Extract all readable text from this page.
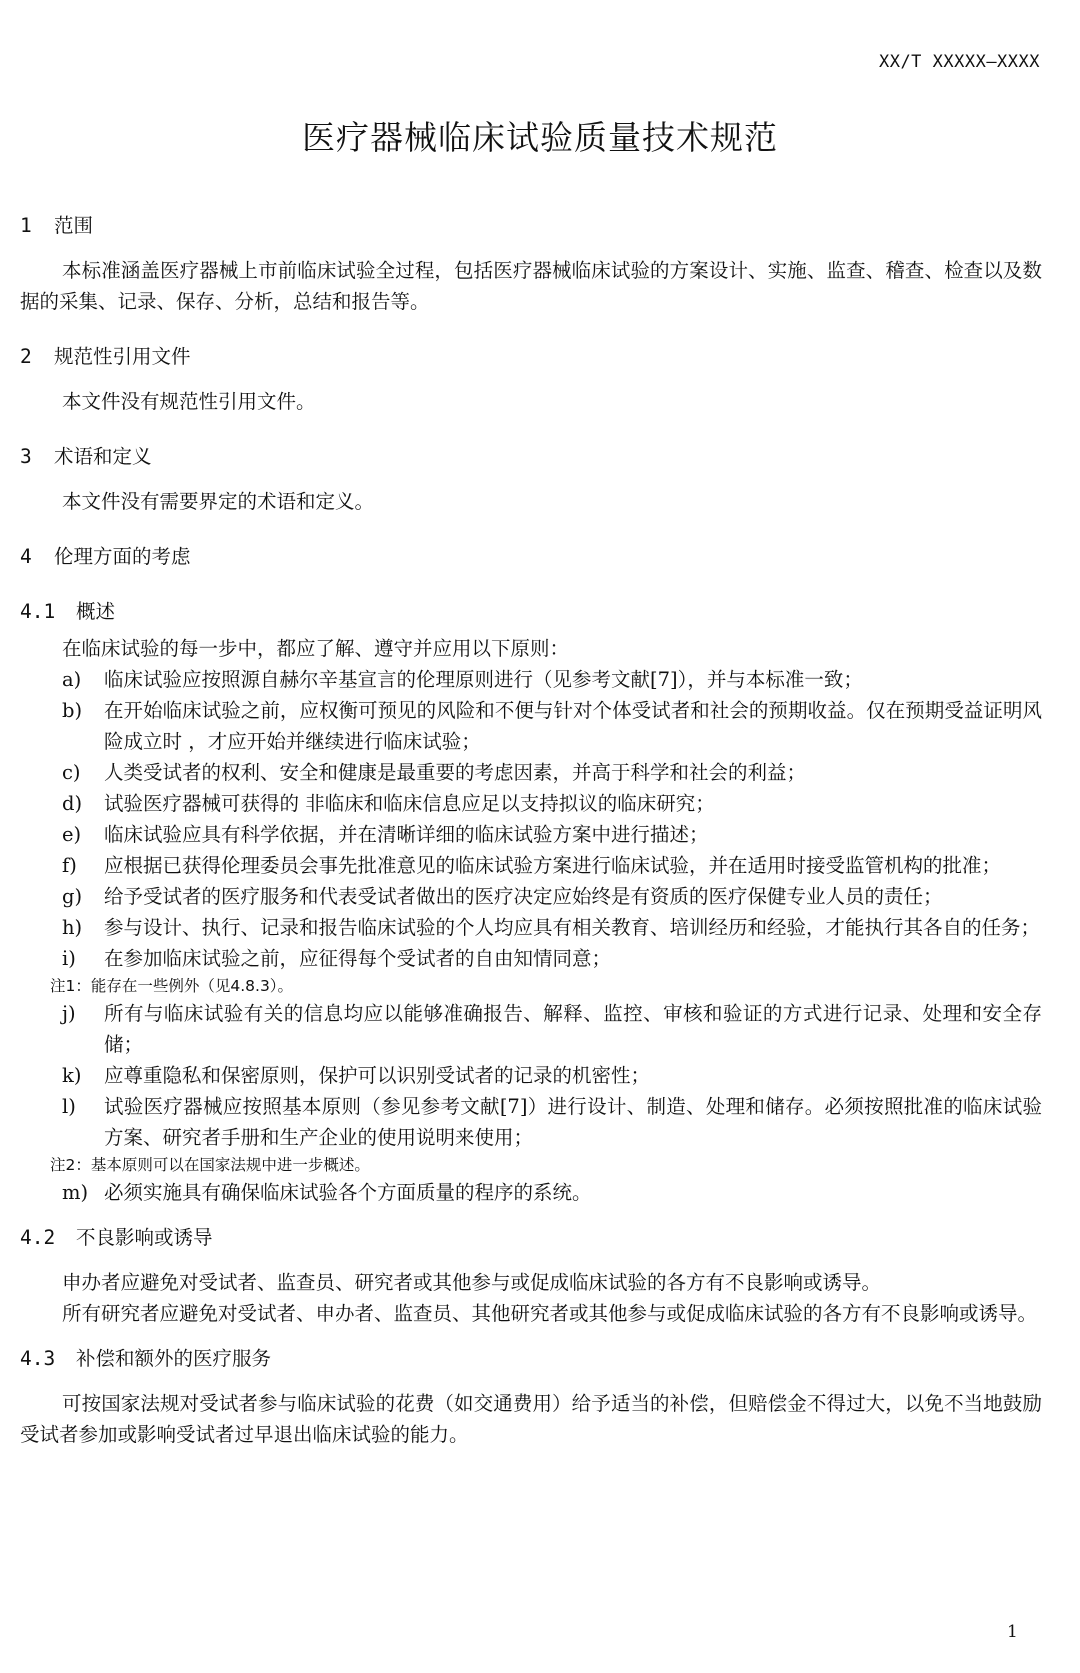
XX/T XXXXX—XXXX
医疗器械临床试验质量技术规范
1 范围

本标准涵盖医疗器械上市前临床试验全过程，包括医疗器械临床试验的方案设计、实施、监查、稽查、检查以及数据的采集、记录、保存、分析，总结和报告等。

2 规范性引用文件

本文件没有规范性引用文件。

3 术语和定义

本文件没有需要界定的术语和定义。

4 伦理方面的考虑
4.1 概述

在临床试验的每一步中，都应了解、遵守并应用以下原则：

a)	临床试验应按照源自赫尔辛基宣言的伦理原则进行（见参考文献[7]），并与本标准一致；
b)	在开始临床试验之前，应权衡可预见的风险和不便与针对个体受试者和社会的预期收益。仅在预期受益证明风险成立时 ，才应开始并继续进行临床试验；
c)	人类受试者的权利、安全和健康是最重要的考虑因素，并高于科学和社会的利益；
d)	试验医疗器械可获得的 非临床和临床信息应足以支持拟议的临床研究；
e)	临床试验应具有科学依据，并在清晰详细的临床试验方案中进行描述；
f)	应根据已获得伦理委员会事先批准意见的临床试验方案进行临床试验，并在适用时接受监管机构的批准；
g)	给予受试者的医疗服务和代表受试者做出的医疗决定应始终是有资质的医疗保健专业人员的责任；
h)	参与设计、执行、记录和报告临床试验的个人均应具有相关教育、培训经历和经验，才能执行其各自的任务；
i)	在参加临床试验之前，应征得每个受试者的自由知情同意；

注1：能存在一些例外（见4.8.3）。

j)	所有与临床试验有关的信息均应以能够准确报告、解释、监控、审核和验证的方式进行记录、处理和安全存储；
k)	应尊重隐私和保密原则，保护可以识别受试者的记录的机密性；
l)	试验医疗器械应按照基本原则（参见参考文献[7]）进行设计、制造、处理和储存。必须按照批准的临床试验方案、研究者手册和生产企业的使用说明来使用；

注2：基本原则可以在国家法规中进一步概述。

m) 必须实施具有确保临床试验各个方面质量的程序的系统。
4.2 不良影响或诱导

申办者应避免对受试者、监查员、研究者或其他参与或促成临床试验的各方有不良影响或诱导。

所有研究者应避免对受试者、申办者、监查员、其他研究者或其他参与或促成临床试验的各方有不良影响或诱导。

4.3 补偿和额外的医疗服务

可按国家法规对受试者参与临床试验的花费（如交通费用）给予适当的补偿，但赔偿金不得过大，以免不当地鼓励受试者参加或影响受试者过早退出临床试验的能力。

1
